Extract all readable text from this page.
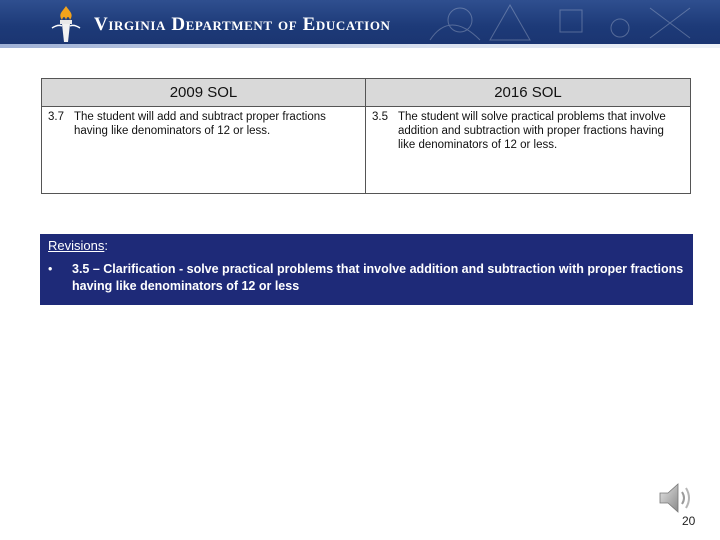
Virginia Department of Education
2009 SOL	2016 SOL

3.7 The student will add and subtract proper fractions having like denominators of 12 or less.	3.5 The student will solve practical problems that involve addition and subtraction with proper fractions having like denominators of 12 or less.
Revisions:
•	3.5 – Clarification - solve practical problems that involve addition and subtraction with proper fractions having like denominators of 12 or less
20
